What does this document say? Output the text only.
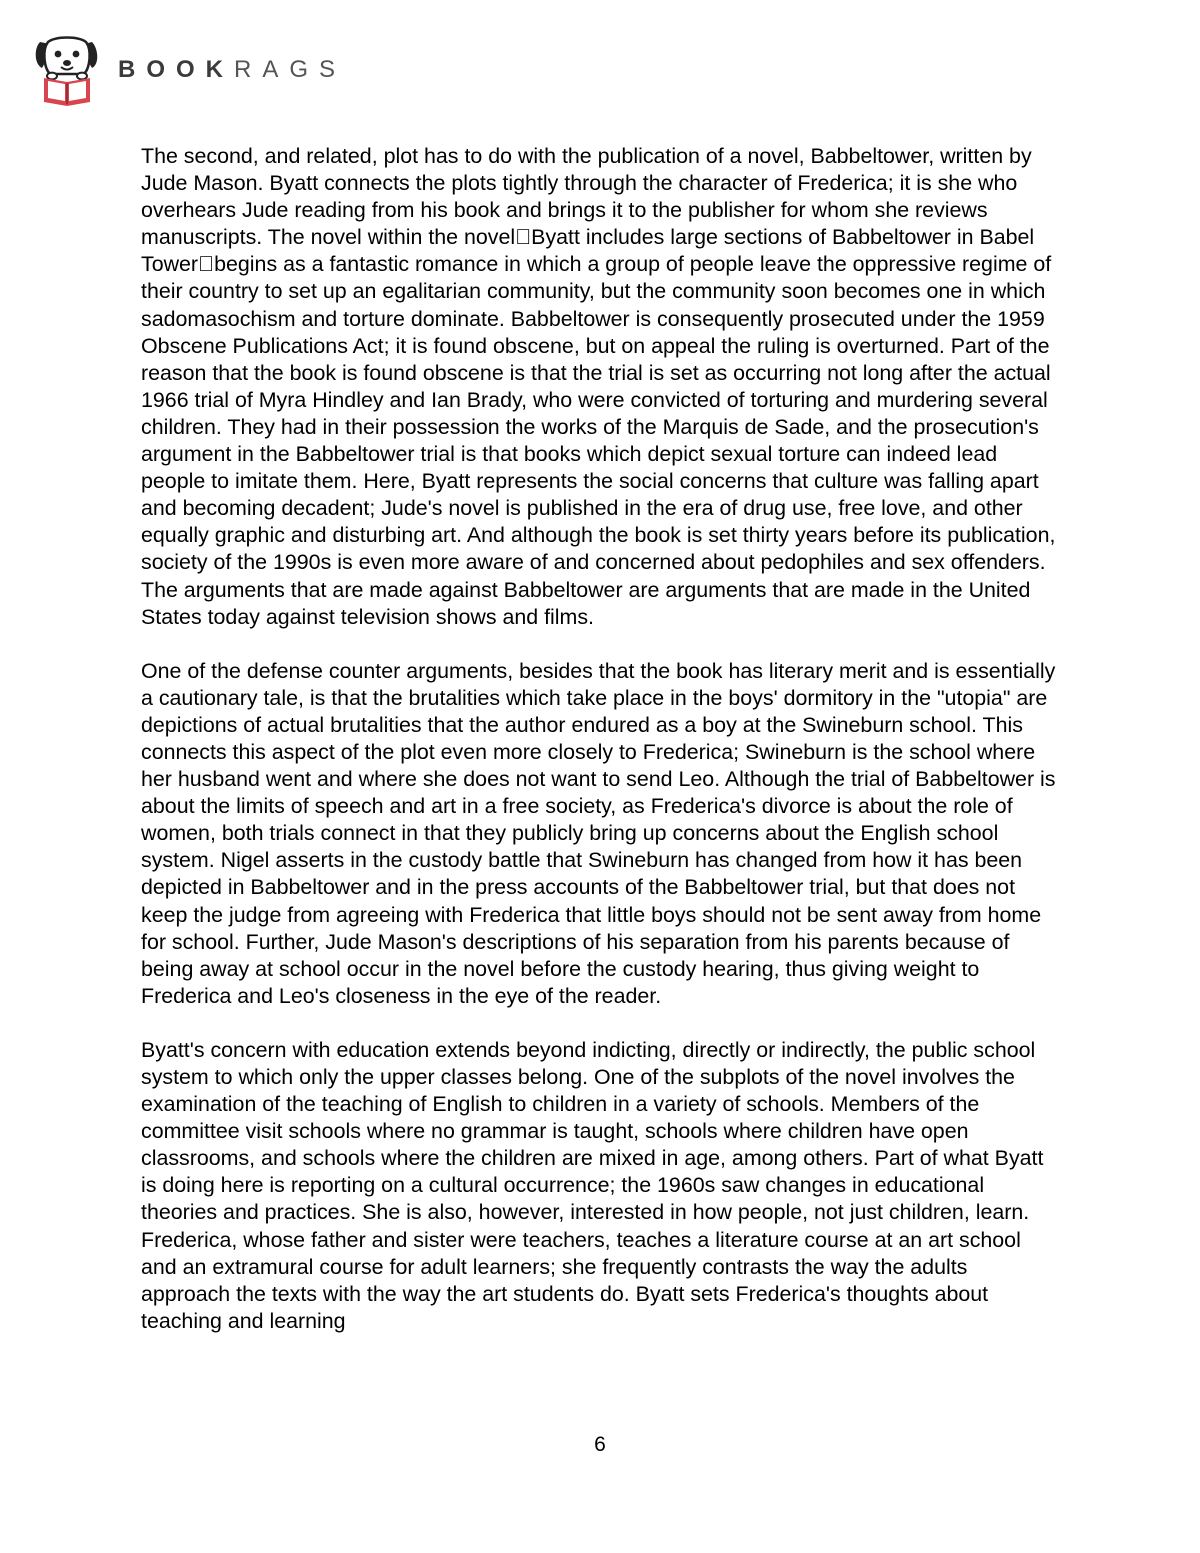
BOOKRAGS

The second, and related, plot has to do with the publication of a novel, Babbeltower, written by Jude Mason. Byatt connects the plots tightly through the character of Frederica; it is she who overhears Jude reading from his book and brings it to the publisher for whom she reviews manuscripts. The novel within the novel Byatt includes large sections of Babbeltower in Babel Tower begins as a fantastic romance in which a group of people leave the oppressive regime of their country to set up an egalitarian community, but the community soon becomes one in which sadomasochism and torture dominate. Babbeltower is consequently prosecuted under the 1959 Obscene Publications Act; it is found obscene, but on appeal the ruling is overturned. Part of the reason that the book is found obscene is that the trial is set as occurring not long after the actual 1966 trial of Myra Hindley and Ian Brady, who were convicted of torturing and murdering several children. They had in their possession the works of the Marquis de Sade, and the prosecution's argument in the Babbeltower trial is that books which depict sexual torture can indeed lead people to imitate them. Here, Byatt represents the social concerns that culture was falling apart and becoming decadent; Jude's novel is published in the era of drug use, free love, and other equally graphic and disturbing art. And although the book is set thirty years before its publication, society of the 1990s is even more aware of and concerned about pedophiles and sex offenders. The arguments that are made against Babbeltower are arguments that are made in the United States today against television shows and films.

One of the defense counter arguments, besides that the book has literary merit and is essentially a cautionary tale, is that the brutalities which take place in the boys' dormitory in the "utopia" are depictions of actual brutalities that the author endured as a boy at the Swineburn school. This connects this aspect of the plot even more closely to Frederica; Swineburn is the school where her husband went and where she does not want to send Leo. Although the trial of Babbeltower is about the limits of speech and art in a free society, as Frederica's divorce is about the role of women, both trials connect in that they publicly bring up concerns about the English school system. Nigel asserts in the custody battle that Swineburn has changed from how it has been depicted in Babbeltower and in the press accounts of the Babbeltower trial, but that does not keep the judge from agreeing with Frederica that little boys should not be sent away from home for school. Further, Jude Mason's descriptions of his separation from his parents because of being away at school occur in the novel before the custody hearing, thus giving weight to Frederica and Leo's closeness in the eye of the reader.

Byatt's concern with education extends beyond indicting, directly or indirectly, the public school system to which only the upper classes belong. One of the subplots of the novel involves the examination of the teaching of English to children in a variety of schools. Members of the committee visit schools where no grammar is taught, schools where children have open classrooms, and schools where the children are mixed in age, among others. Part of what Byatt is doing here is reporting on a cultural occurrence; the 1960s saw changes in educational theories and practices. She is also, however, interested in how people, not just children, learn. Frederica, whose father and sister were teachers, teaches a literature course at an art school and an extramural course for adult learners; she frequently contrasts the way the adults approach the texts with the way the art students do. Byatt sets Frederica's thoughts about teaching and learning

6
